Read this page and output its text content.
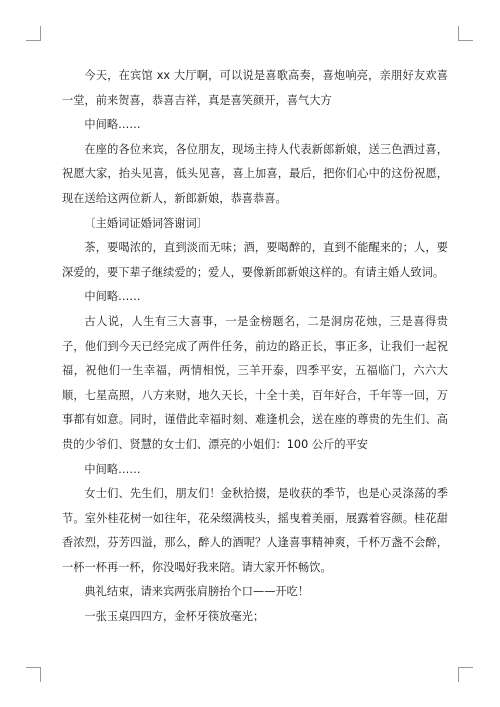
今天，在宾馆 xx 大厅啊，可以说是喜歌高奏，喜炮响亮，亲朋好友欢喜一堂，前来贺喜，恭喜吉祥，真是喜笑颜开，喜气大方

中间略……

在座的各位来宾，各位朋友，现场主持人代表新郎新娘，送三色酒过喜，祝愿大家，抬头见喜，低头见喜，喜上加喜，最后，把你们心中的这份祝愿，现在送给这两位新人，新郎新娘，恭喜恭喜。

〔主婚词证婚词答谢词〕

茶，要喝浓的，直到淡而无味；酒，要喝醉的，直到不能醒来的；人，要深爱的，要下辈子继续爱的；爱人，要像新郎新娘这样的。有请主婚人致词。

中间略……

古人说，人生有三大喜事，一是金榜题名，二是洞房花烛，三是喜得贵子，他们到今天已经完成了两件任务，前边的路正长，事正多，让我们一起祝福，祝他们一生幸福，两情相悦，三羊开泰，四季平安，五福临门，六六大顺，七星高照，八方来财，地久天长，十全十美，百年好合，千年等一回，万事都有如意。同时，谨借此幸福时刻、难逢机会，送在座的尊贵的先生们、高贵的少爷们、贤慧的女士们、漂亮的小姐们：100 公斤的平安

中间略……

女士们、先生们，朋友们！金秋拾掇，是收获的季节，也是心灵涤荡的季节。室外桂花树一如往年，花朵缀满枝头，摇曳着美丽，展露着容颜。桂花甜香浓烈，芬芳四溢，那么，醉人的酒呢？人逢喜事精神爽，千杯万盏不会醉，一杯一杯再一杯，你没喝好我来陪。请大家开怀畅饮。

典礼结束，请来宾两张肩膀抬个口——开吃！

一张玉桌四四方，金杯牙筷放毫光；
